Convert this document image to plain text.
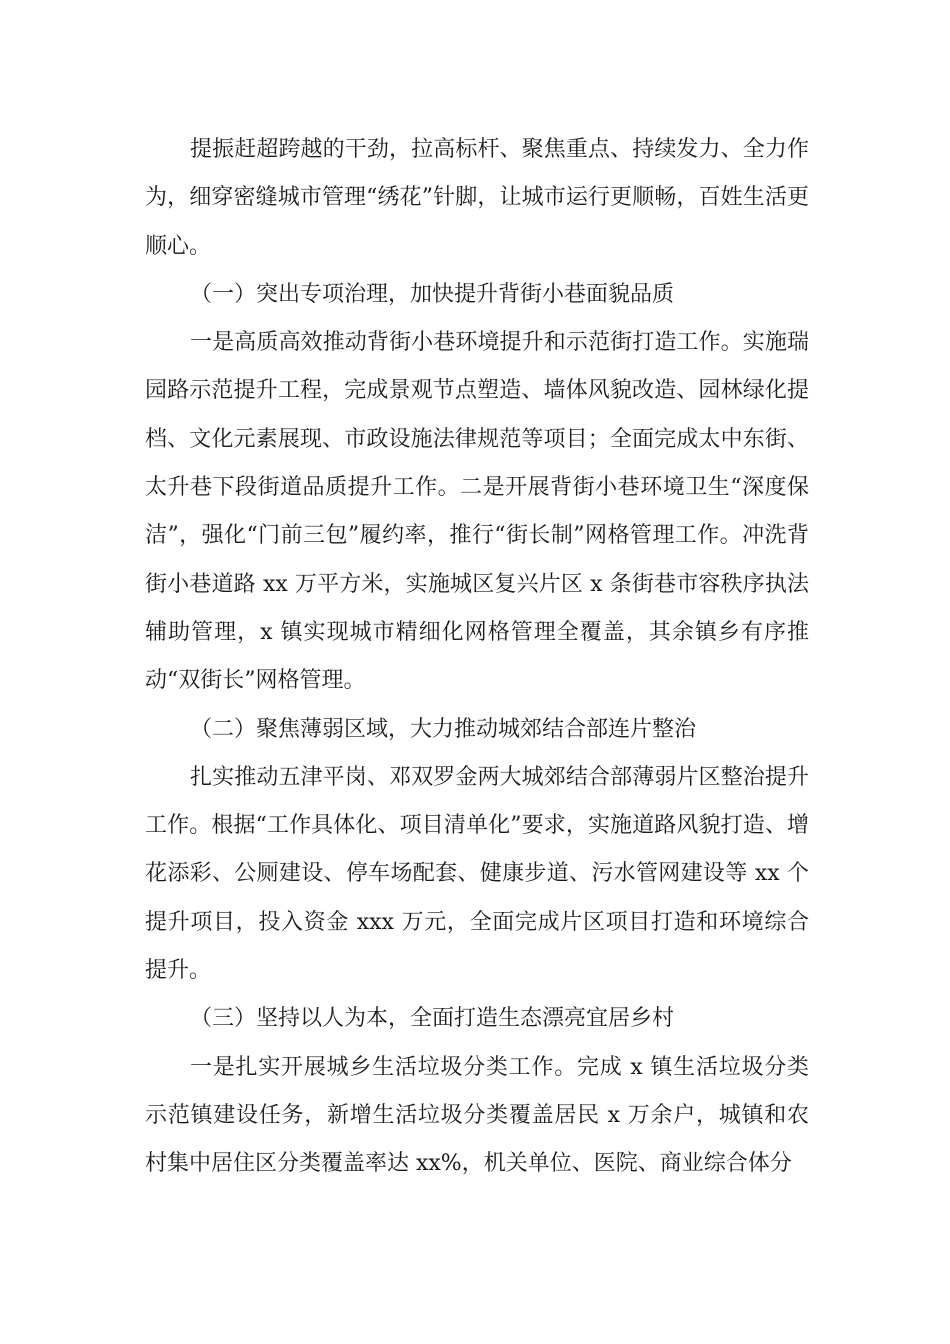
提振赶超跨越的干劲，拉高标杆、聚焦重点、持续发力、全力作为，细穿密缝城市管理“绣花”针脚，让城市运行更顺畅，百姓生活更顺心。

（一）突出专项治理，加快提升背街小巷面貌品质

一是高质高效推动背街小巷环境提升和示范街打造工作。实施瑞园路示范提升工程，完成景观节点塑造、墙体风貌改造、园林绿化提档、文化元素展现、市政设施法律规范等项目；全面完成太中东街、太升巷下段街道品质提升工作。二是开展背街小巷环境卫生“深度保洁”，强化“门前三包”履约率，推行“街长制”网格管理工作。冲洗背街小巷道路 xx 万平方米，实施城区复兴片区 x 条街巷市容秩序执法辅助管理，x 镇实现城市精细化网格管理全覆盖，其余镇乡有序推动“双街长”网格管理。

（二）聚焦薄弱区域，大力推动城郊结合部连片整治

扎实推动五津平岗、邓双罗金两大城郊结合部薄弱片区整治提升工作。根据“工作具体化、项目清单化”要求，实施道路风貌打造、增花添彩、公厕建设、停车场配套、健康步道、污水管网建设等 xx 个提升项目，投入资金 xxx 万元，全面完成片区项目打造和环境综合提升。

（三）坚持以人为本，全面打造生态漂亮宜居乡村

一是扎实开展城乡生活垃圾分类工作。完成 x 镇生活垃圾分类示范镇建设任务，新增生活垃圾分类覆盖居民 x 万余户，城镇和农村集中居住区分类覆盖率达 xx%，机关单位、医院、商业综合体分
